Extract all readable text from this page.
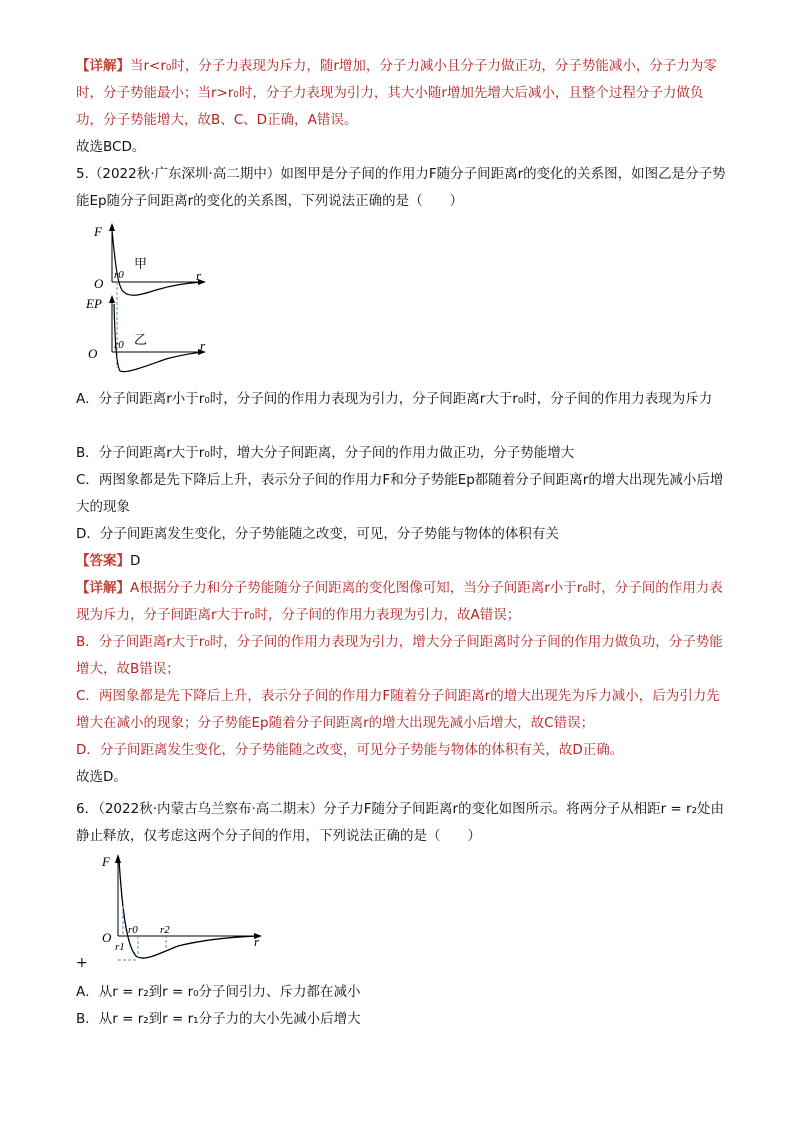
【详解】当r<r₀时，分子力表现为斥力，随r增加，分子力减小且分子力做正功，分子势能减小，分子力为零时，分子势能最小；当r>r₀时，分子力表现为引力，其大小随r增加先增大后减小，且整个过程分子力做负功，分子势能增大，故B、C、D正确，A错误。

故选BCD。

5.（2022秋·广东深圳·高二期中）如图甲是分子间的作用力F随分子间距离r的变化的关系图，如图乙是分子势能Ep随分子间距离r的变化的关系图，下列说法正确的是（　　）

F
O
r
r0
甲
EP
O
r
r0 乙

A．分子间距离r小于r₀时，分子间的作用力表现为引力，分子间距离r大于r₀时，分子间的作用力表现为斥力

B．分子间距离r大于r₀时，增大分子间距离，分子间的作用力做正功，分子势能增大

C．两图象都是先下降后上升，表示分子间的作用力F和分子势能Ep都随着分子间距离r的增大出现先减小后增大的现象

D．分子间距离发生变化，分子势能随之改变，可见，分子势能与物体的体积有关

【答案】D

【详解】A根据分子力和分子势能随分子间距离的变化图像可知，当分子间距离r小于r₀时，分子间的作用力表现为斥力，分子间距离r大于r₀时，分子间的作用力表现为引力，故A错误；

B．分子间距离r大于r₀时，分子间的作用力表现为引力，增大分子间距离时分子间的作用力做负功，分子势能增大，故B错误；

C．两图象都是先下降后上升，表示分子间的作用力F随着分子间距离r的增大出现先为斥力减小，后为引力先增大在减小的现象；分子势能Ep随着分子间距离r的增大出现先减小后增大，故C错误；

D．分子间距离发生变化，分子势能随之改变，可见分子势能与物体的体积有关，故D正确。

故选D。

6．（2022秋·内蒙古乌兰察布·高二期末）分子力F随分子间距离r的变化如图所示。将两分子从相距r = r₂处由静止释放，仅考虑这两个分子间的作用，下列说法正确的是（　　）

F
O	r
r0
r1
r2
+

A．从r = r₂到r = r₀分子间引力、斥力都在减小

B．从r = r₂到r = r₁分子力的大小先减小后增大
